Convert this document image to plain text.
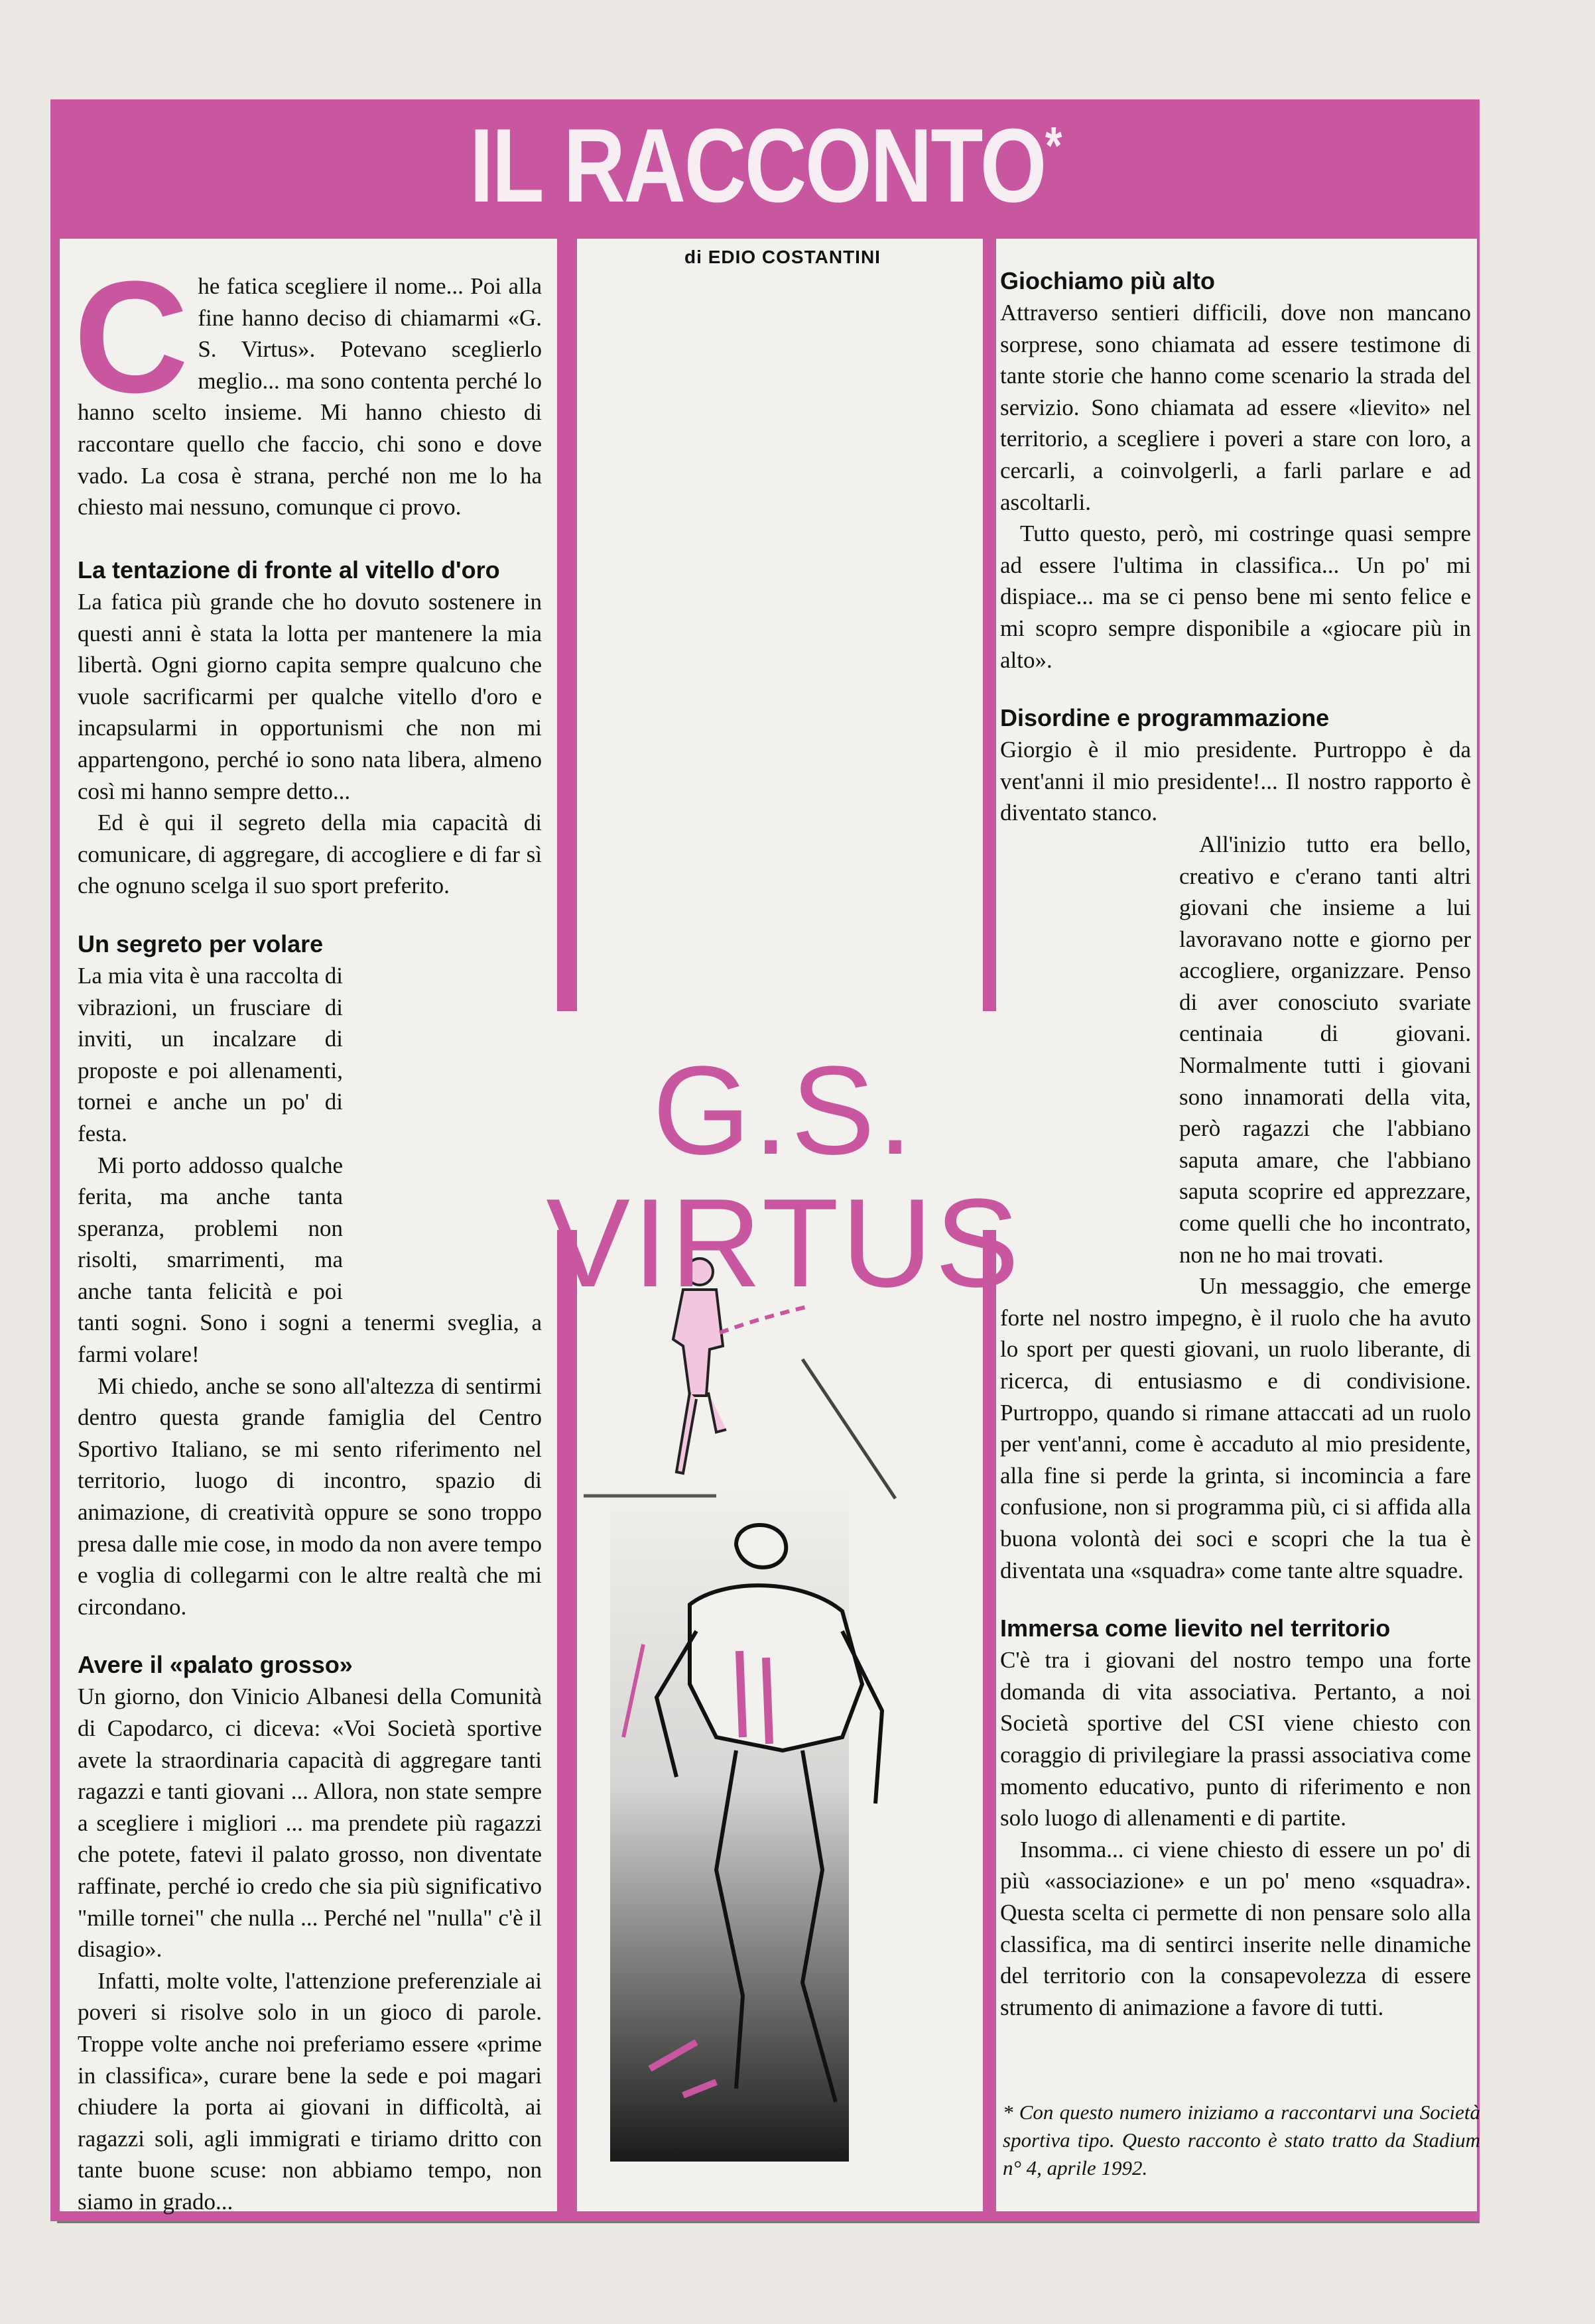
IL RACCONTO*
di EDIO COSTANTINI
G.S. VIRTUS
Che fatica scegliere il nome... Poi alla fine hanno deciso di chiamarmi «G. S. Virtus». Potevano sceglierlo meglio... ma sono contenta perché lo hanno scelto insieme. Mi hanno chiesto di raccontare quello che faccio, chi sono e dove vado. La cosa è strana, perché non me lo ha chiesto mai nessuno, comunque ci provo.
La tentazione di fronte al vitello d'oro

La fatica più grande che ho dovuto sostenere in questi anni è stata la lotta per mantenere la mia libertà. Ogni giorno capita sempre qualcuno che vuole sacrificarmi per qualche vitello d'oro e incapsularmi in opportunismi che non mi appartengono, perché io sono nata libera, almeno così mi hanno sempre detto...

Ed è qui il segreto della mia capacità di comunicare, di aggregare, di accogliere e di far sì che ognuno scelga il suo sport preferito.

Un segreto per volare

La mia vita è una raccolta di vibrazioni, un frusciare di inviti, un incalzare di proposte e poi allenamenti, tornei e anche un po' di festa.

Mi porto addosso qualche ferita, ma anche tanta speranza, problemi non risolti, smarrimenti, ma anche tanta felicità e poi tanti sogni. Sono i sogni a tenermi sveglia, a farmi volare!

Mi chiedo, anche se sono all'altezza di sentirmi dentro questa grande famiglia del Centro Sportivo Italiano, se mi sento riferimento nel territorio, luogo di incontro, spazio di animazione, di creatività oppure se sono troppo presa dalle mie cose, in modo da non avere tempo e voglia di collegarmi con le altre realtà che mi circondano.

Avere il «palato grosso»

Un giorno, don Vinicio Albanesi della Comunità di Capodarco, ci diceva: «Voi Società sportive avete la straordinaria capacità di aggregare tanti ragazzi e tanti giovani ... Allora, non state sempre a scegliere i migliori ... ma prendete più ragazzi che potete, fatevi il palato grosso, non diventate raffinate, perché io credo che sia più significativo "mille tornei" che nulla ... Perché nel "nulla" c'è il disagio».

Infatti, molte volte, l'attenzione preferenziale ai poveri si risolve solo in un gioco di parole. Troppe volte anche noi preferiamo essere «prime in classifica», curare bene la sede e poi magari chiudere la porta ai giovani in difficoltà, ai ragazzi soli, agli immigrati e tiriamo dritto con tante buone scuse: non abbiamo tempo, non siamo in grado...

Giochiamo più alto

Attraverso sentieri difficili, dove non mancano sorprese, sono chiamata ad essere testimone di tante storie che hanno come scenario la strada del servizio. Sono chiamata ad essere «lievito» nel territorio, a scegliere i poveri a stare con loro, a cercarli, a coinvolgerli, a farli parlare e ad ascoltarli.

Tutto questo, però, mi costringe quasi sempre ad essere l'ultima in classifica... Un po' mi dispiace... ma se ci penso bene mi sento felice e mi scopro sempre disponibile a «giocare più in alto».

Disordine e programmazione

Giorgio è il mio presidente. Purtroppo è da vent'anni il mio presidente!... Il nostro rapporto è diventato stanco.

All'inizio tutto era bello, creativo e c'erano tanti altri giovani che insieme a lui lavoravano notte e giorno per accogliere, organizzare. Penso di aver conosciuto svariate centinaia di giovani. Normalmente tutti i giovani sono innamorati della vita, però ragazzi che l'abbiano saputa amare, che l'abbiano saputa scoprire ed apprezzare, come quelli che ho incontrato, non ne ho mai trovati.

Un messaggio, che emerge forte nel nostro impegno, è il ruolo che ha avuto lo sport per questi giovani, un ruolo liberante, di ricerca, di entusiasmo e di condivisione. Purtroppo, quando si rimane attaccati ad un ruolo per vent'anni, come è accaduto al mio presidente, alla fine si perde la grinta, si incomincia a fare confusione, non si programma più, ci si affida alla buona volontà dei soci e scopri che la tua è diventata una «squadra» come tante altre squadre.

Immersa come lievito nel territorio

C'è tra i giovani del nostro tempo una forte domanda di vita associativa. Pertanto, a noi Società sportive del CSI viene chiesto con coraggio di privilegiare la prassi associativa come momento educativo, punto di riferimento e non solo luogo di allenamenti e di partite.

Insomma... ci viene chiesto di essere un po' di più «associazione» e un po' meno «squadra». Questa scelta ci permette di non pensare solo alla classifica, ma di sentirci inserite nelle dinamiche del territorio con la consapevolezza di essere strumento di animazione a favore di tutti.

* Con questo numero iniziamo a raccontarvi una Società sportiva tipo. Questo racconto è stato tratto da Stadium n° 4, aprile 1992.
